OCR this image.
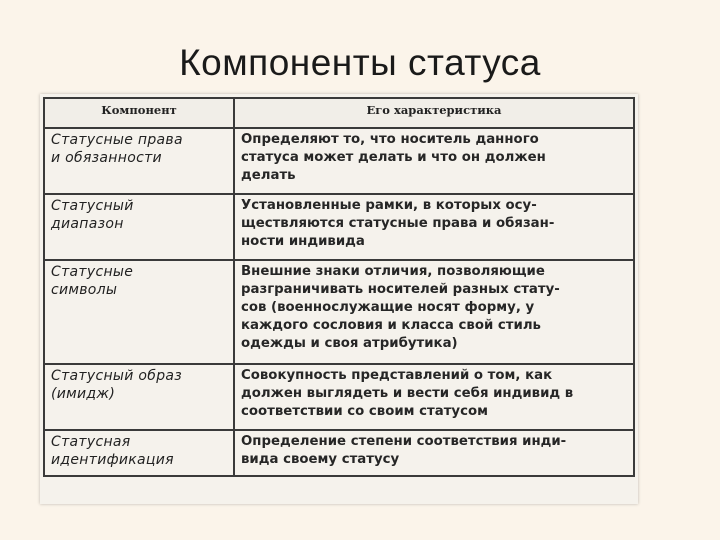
Компоненты статуса
Компонент	Его характеристика

Статусные права
и обязанности	Определяют то, что носитель данного
статуса может делать и что он должен
делать

Статусный
диапазон	Установленные рамки, в которых осу-
ществляются статусные права и обязан-
ности индивида

Статусные
символы	Внешние знаки отличия, позволяющие
разграничивать носителей разных стату-
сов (военнослужащие носят форму, у
каждого сословия и класса свой стиль
одежды и своя атрибутика)

Статусный образ
(имидж)	Совокупность представлений о том, как
должен выглядеть и вести себя индивид в
соответствии со своим статусом

Статусная
идентификация	Определение степени соответствия инди-
вида своему статусу
